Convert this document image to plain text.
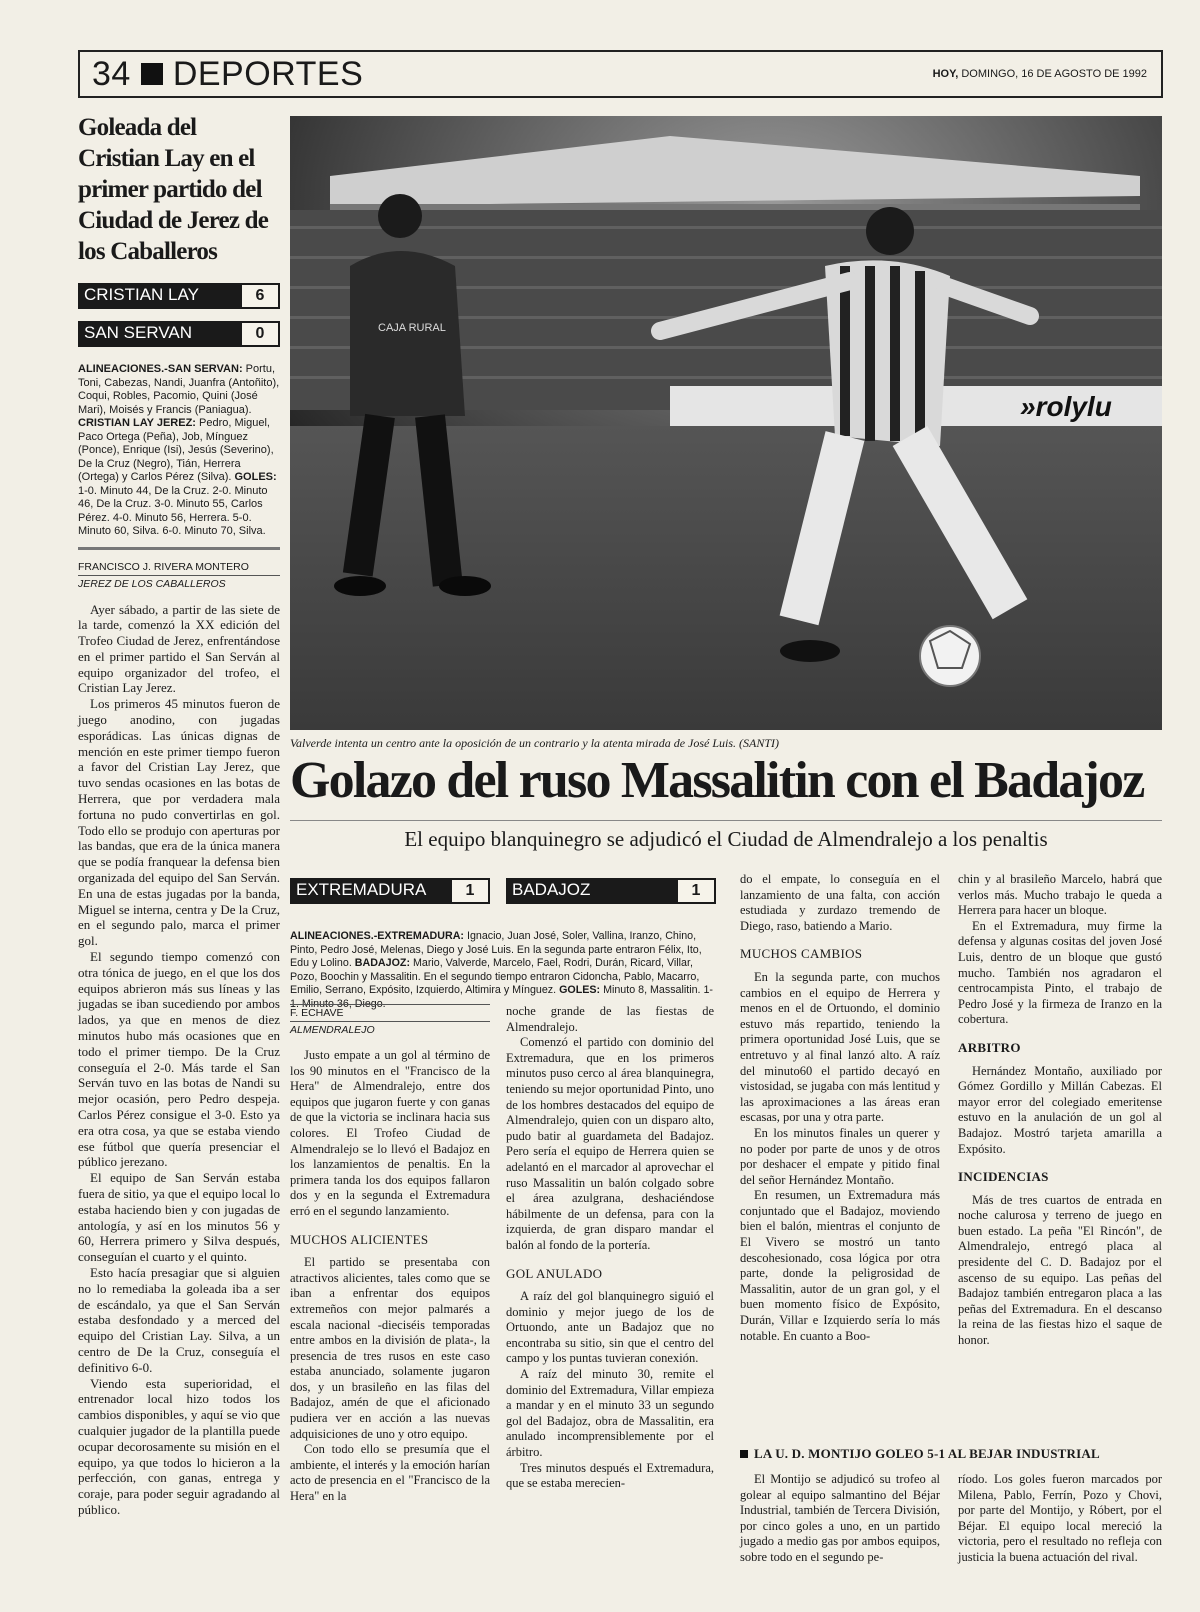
34 DEPORTES	HOY, DOMINGO, 16 DE AGOSTO DE 1992
Goleada del Cristian Lay en el primer partido del Ciudad de Jerez de los Caballeros
CRISTIAN LAY	6
SAN SERVAN	0
ALINEACIONES.-SAN SERVAN: Portu, Toni, Cabezas, Nandi, Juanfra (Antoñito), Coqui, Robles, Pacomio, Quini (José Mari), Moisés y Francis (Paniagua). CRISTIAN LAY JEREZ: Pedro, Miguel, Paco Ortega (Peña), Job, Mínguez (Ponce), Enrique (Isi), Jesús (Severino), De la Cruz (Negro), Tián, Herrera (Ortega) y Carlos Pérez (Silva). GOLES: 1-0. Minuto 44, De la Cruz. 2-0. Minuto 46, De la Cruz. 3-0. Minuto 55, Carlos Pérez. 4-0. Minuto 56, Herrera. 5-0. Minuto 60, Silva. 6-0. Minuto 70, Silva.
FRANCISCO J. RIVERA MONTERO
JEREZ DE LOS CABALLEROS

Ayer sábado, a partir de las siete de la tarde, comenzó la XX edición del Trofeo Ciudad de Jerez, enfrentándose en el primer partido el San Serván al equipo organizador del trofeo, el Cristian Lay Jerez.

Los primeros 45 minutos fueron de juego anodino, con jugadas esporádicas. Las únicas dignas de mención en este primer tiempo fueron a favor del Cristian Lay Jerez, que tuvo sendas ocasiones en las botas de Herrera, que por verdadera mala fortuna no pudo convertirlas en gol. Todo ello se produjo con aperturas por las bandas, que era de la única manera que se podía franquear la defensa bien organizada del equipo del San Serván. En una de estas jugadas por la banda, Miguel se interna, centra y De la Cruz, en el segundo palo, marca el primer gol.

El segundo tiempo comenzó con otra tónica de juego, en el que los dos equipos abrieron más sus líneas y las jugadas se iban sucediendo por ambos lados, ya que en menos de diez minutos hubo más ocasiones que en todo el primer tiempo. De la Cruz conseguía el 2-0. Más tarde el San Serván tuvo en las botas de Nandi su mejor ocasión, pero Pedro despeja. Carlos Pérez consigue el 3-0. Esto ya era otra cosa, ya que se estaba viendo ese fútbol que quería presenciar el público jerezano.

El equipo de San Serván estaba fuera de sitio, ya que el equipo local lo estaba haciendo bien y con jugadas de antología, y así en los minutos 56 y 60, Herrera primero y Silva después, conseguían el cuarto y el quinto.

Esto hacía presagiar que si alguien no lo remediaba la goleada iba a ser de escándalo, ya que el San Serván estaba desfondado y a merced del equipo del Cristian Lay. Silva, a un centro de De la Cruz, conseguía el definitivo 6-0.

Viendo esta superioridad, el entrenador local hizo todos los cambios disponibles, y aquí se vio que cualquier jugador de la plantilla puede ocupar decorosamente su misión en el equipo, ya que todos lo hicieron a la perfección, con ganas, entrega y coraje, para poder seguir agradando al público.

»rolylu
CAJA RURAL
Valverde intenta un centro ante la oposición de un contrario y la atenta mirada de José Luis. (SANTI)
Golazo del ruso Massalitin con el Badajoz
El equipo blanquinegro se adjudicó el Ciudad de Almendralejo a los penaltis
EXTREMADURA	1	BADAJOZ	1
ALINEACIONES.-EXTREMADURA: Ignacio, Juan José, Soler, Vallina, Iranzo, Chino, Pinto, Pedro José, Melenas, Diego y José Luis. En la segunda parte entraron Félix, Ito, Edu y Lolino. BADAJOZ: Mario, Valverde, Marcelo, Fael, Rodri, Durán, Ricard, Villar, Pozo, Boochin y Massalitin. En el segundo tiempo entraron Cidoncha, Pablo, Macarro, Emilio, Serrano, Expósito, Izquierdo, Altimira y Mínguez. GOLES: Minuto 8, Massalitin. 1-1. Minuto 36, Diego.
F. ECHAVE
ALMENDRALEJO

Justo empate a un gol al término de los 90 minutos en el "Francisco de la Hera" de Almendralejo, entre dos equipos que jugaron fuerte y con ganas de que la victoria se inclinara hacia sus colores. El Trofeo Ciudad de Almendralejo se lo llevó el Badajoz en los lanzamientos de penaltis. En la primera tanda los dos equipos fallaron dos y en la segunda el Extremadura erró en el segundo lanzamiento.

MUCHOS ALICIENTES

El partido se presentaba con atractivos alicientes, tales como que se iban a enfrentar dos equipos extremeños con mejor palmarés a escala nacional -dieciséis temporadas entre ambos en la división de plata-, la presencia de tres rusos en este caso estaba anunciado, solamente jugaron dos, y un brasileño en las filas del Badajoz, amén de que el aficionado pudiera ver en acción a las nuevas adquisiciones de uno y otro equipo.

Con todo ello se presumía que el ambiente, el interés y la emoción harían acto de presencia en el "Francisco de la Hera" en la

noche grande de las fiestas de Almendralejo.

Comenzó el partido con dominio del Extremadura, que en los primeros minutos puso cerco al área blanquinegra, teniendo su mejor oportunidad Pinto, uno de los hombres destacados del equipo de Almendralejo, quien con un disparo alto, pudo batir al guardameta del Badajoz. Pero sería el equipo de Herrera quien se adelantó en el marcador al aprovechar el ruso Massalitin un balón colgado sobre el área azulgrana, deshaciéndose hábilmente de un defensa, para con la izquierda, de gran disparo mandar el balón al fondo de la portería.

GOL ANULADO

A raíz del gol blanquinegro siguió el dominio y mejor juego de los de Ortuondo, ante un Badajoz que no encontraba su sitio, sin que el centro del campo y los puntas tuvieran conexión.

A raíz del minuto 30, remite el dominio del Extremadura, Villar empieza a mandar y en el minuto 33 un segundo gol del Badajoz, obra de Massalitin, era anulado incomprensiblemente por el árbitro.

Tres minutos después el Extremadura, que se estaba merecien-

do el empate, lo conseguía en el lanzamiento de una falta, con acción estudiada y zurdazo tremendo de Diego, raso, batiendo a Mario.

MUCHOS CAMBIOS

En la segunda parte, con muchos cambios en el equipo de Herrera y menos en el de Ortuondo, el dominio estuvo más repartido, teniendo la primera oportunidad José Luis, que se entretuvo y al final lanzó alto. A raíz del minuto60 el partido decayó en vistosidad, se jugaba con más lentitud y las aproximaciones a las áreas eran escasas, por una y otra parte.

En los minutos finales un querer y no poder por parte de unos y de otros por deshacer el empate y pitido final del señor Hernández Montaño.

En resumen, un Extremadura más conjuntado que el Badajoz, moviendo bien el balón, mientras el conjunto de El Vivero se mostró un tanto descohesionado, cosa lógica por otra parte, donde la peligrosidad de Massalitin, autor de un gran gol, y el buen momento físico de Expósito, Durán, Villar e Izquierdo sería lo más notable. En cuanto a Boo-

chin y al brasileño Marcelo, habrá que verlos más. Mucho trabajo le queda a Herrera para hacer un bloque.

En el Extremadura, muy firme la defensa y algunas cositas del joven José Luis, dentro de un bloque que gustó mucho. También nos agradaron el centrocampista Pinto, el trabajo de Pedro José y la firmeza de Iranzo en la cobertura.

ARBITRO

Hernández Montaño, auxiliado por Gómez Gordillo y Millán Cabezas. El mayor error del colegiado emeritense estuvo en la anulación de un gol al Badajoz. Mostró tarjeta amarilla a Expósito.

INCIDENCIAS

Más de tres cuartos de entrada en noche calurosa y terreno de juego en buen estado. La peña "El Rincón", de Almendralejo, entregó placa al presidente del C. D. Badajoz por el ascenso de su equipo. Las peñas del Badajoz también entregaron placa a las peñas del Extremadura. En el descanso la reina de las fiestas hizo el saque de honor.

LA U. D. MONTIJO GOLEO 5-1 AL BEJAR INDUSTRIAL

El Montijo se adjudicó su trofeo al golear al equipo salmantino del Béjar Industrial, también de Tercera División, por cinco goles a uno, en un partido jugado a medio gas por ambos equipos, sobre todo en el segundo pe-

ríodo. Los goles fueron marcados por Milena, Pablo, Ferrín, Pozo y Chovi, por parte del Montijo, y Róbert, por el Béjar. El equipo local mereció la victoria, pero el resultado no refleja con justicia la buena actuación del rival.
